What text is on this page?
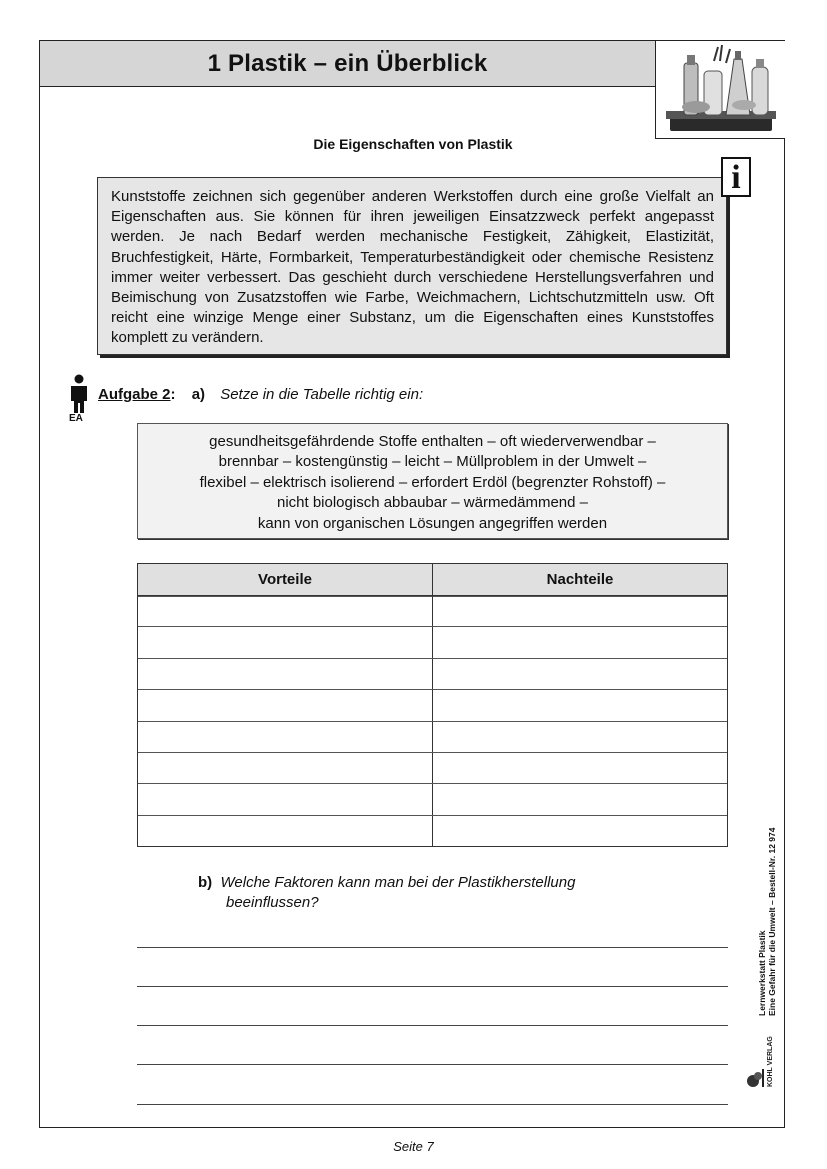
1 Plastik – ein Überblick
Die Eigenschaften von Plastik
Kunststoffe zeichnen sich gegenüber anderen Werkstoffen durch eine große Vielfalt an Eigenschaften aus. Sie können für ihren jeweiligen Einsatzzweck perfekt angepasst werden. Je nach Bedarf werden mechanische Festigkeit, Zähigkeit, Elastizität, Bruchfestigkeit, Härte, Formbarkeit, Temperaturbeständigkeit oder chemische Resistenz immer weiter verbessert. Das geschieht durch verschiedene Herstellungsverfahren und Beimischung von Zusatzstoffen wie Farbe, Weichmachern, Lichtschutzmitteln usw. Oft reicht eine winzige Menge einer Substanz, um die Eigenschaften eines Kunststoffes komplett zu verändern.
i
EA
Aufgabe 2: a) Setze in die Tabelle richtig ein:
gesundheitsgefährdende Stoffe enthalten – oft wiederverwendbar –
brennbar – kostengünstig – leicht – Müllproblem in der Umwelt –
flexibel – elektrisch isolierend – erfordert Erdöl (begrenzter Rohstoff) –
nicht biologisch abbaubar – wärmedämmend –
kann von organischen Lösungen angegriffen werden
Vorteile	Nachteile
b) Welche Faktoren kann man bei der Plastikherstellung
beeinflussen?
Lernwerkstatt Plastik Eine Gefahr für die Umwelt – Bestell-Nr. 12 974
KOHL VERLAG
Seite 7
